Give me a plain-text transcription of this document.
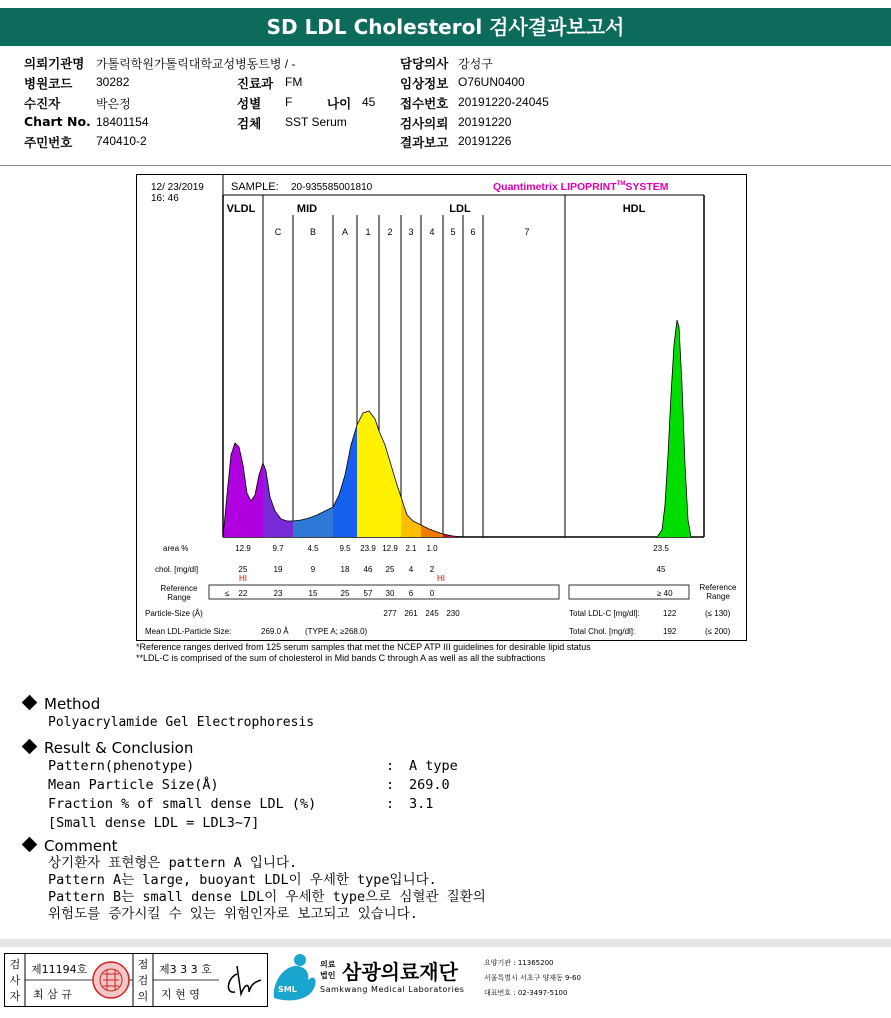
SD LDL Cholesterol 검사결과보고서
의뢰기관명 가톨릭학원가톨릭대학교성병동트병 / -
병원코드 30282
수진자	박은정
Chart No. 18401154
주민번호 740410-2
진료과 FM
성별 F	나이 45
검체 SST Serum
담당의사 강성구
임상정보 O76UN0400
접수번호 20191220-24045
검사의뢰 20191220
결과보고 20191226
12/ 23/2019
16: 46
SAMPLE: 20-935585001810	Quantimetrix LIPOPRINT™SYSTEM
VLDL	MID	LDL	HDL
C	B	A 1 2 3 4 5 6	7
area %	12.9	9.7	4.5	9.5 23.9 12.9 2.1 1.0	23.5
chol. [mg/dl]	25	19	9	18 46 25 4 2	45
HI	HI
Reference
Range	≤ 22	23	15	25 57 30 6 0	≥ 40
Reference
Range
Particle-Size (Å)	277 261 245 230	Total LDL-C [mg/dl]:	122	(≤ 130)
Mean LDL-Particle Size:	269.0 Å (TYPE A; ≥268.0)	Total Chol. [mg/dl]:	192	(≤ 200)
*Reference ranges derived from 125 serum samples that met the NCEP ATP III guidelines for desirable lipid status
**LDL-C is comprised of the sum of cholesterol in Mid bands C through A as well as all the subfractions
Method
Polyacrylamide Gel Electrophoresis
Result & Conclusion
Pattern(phenotype)	: A type
Mean Particle Size(Å)	: 269.0
Fraction % of small dense LDL (%)	: 3.1
[Small dense LDL = LDL3~7]
Comment
상기환자 표현형은 pattern A 입니다.
Pattern A는 large, buoyant LDL이 우세한 type입니다.
Pattern B는 small dense LDL이 우세한 type으로 심혈관 질환의
위험도를 증가시킬 수 있는 위험인자로 보고되고 있습니다.
검
사
자
제11194호
최 삼 규
점
검
의
제3 3 3 호
지 현 영	SML
의료
법인 삼광의료재단
Samkwang Medical Laboratories
요양기관 : 11365200
서울특별시 서초구 양재동 9-60
대표번호 : 02-3497-5100
